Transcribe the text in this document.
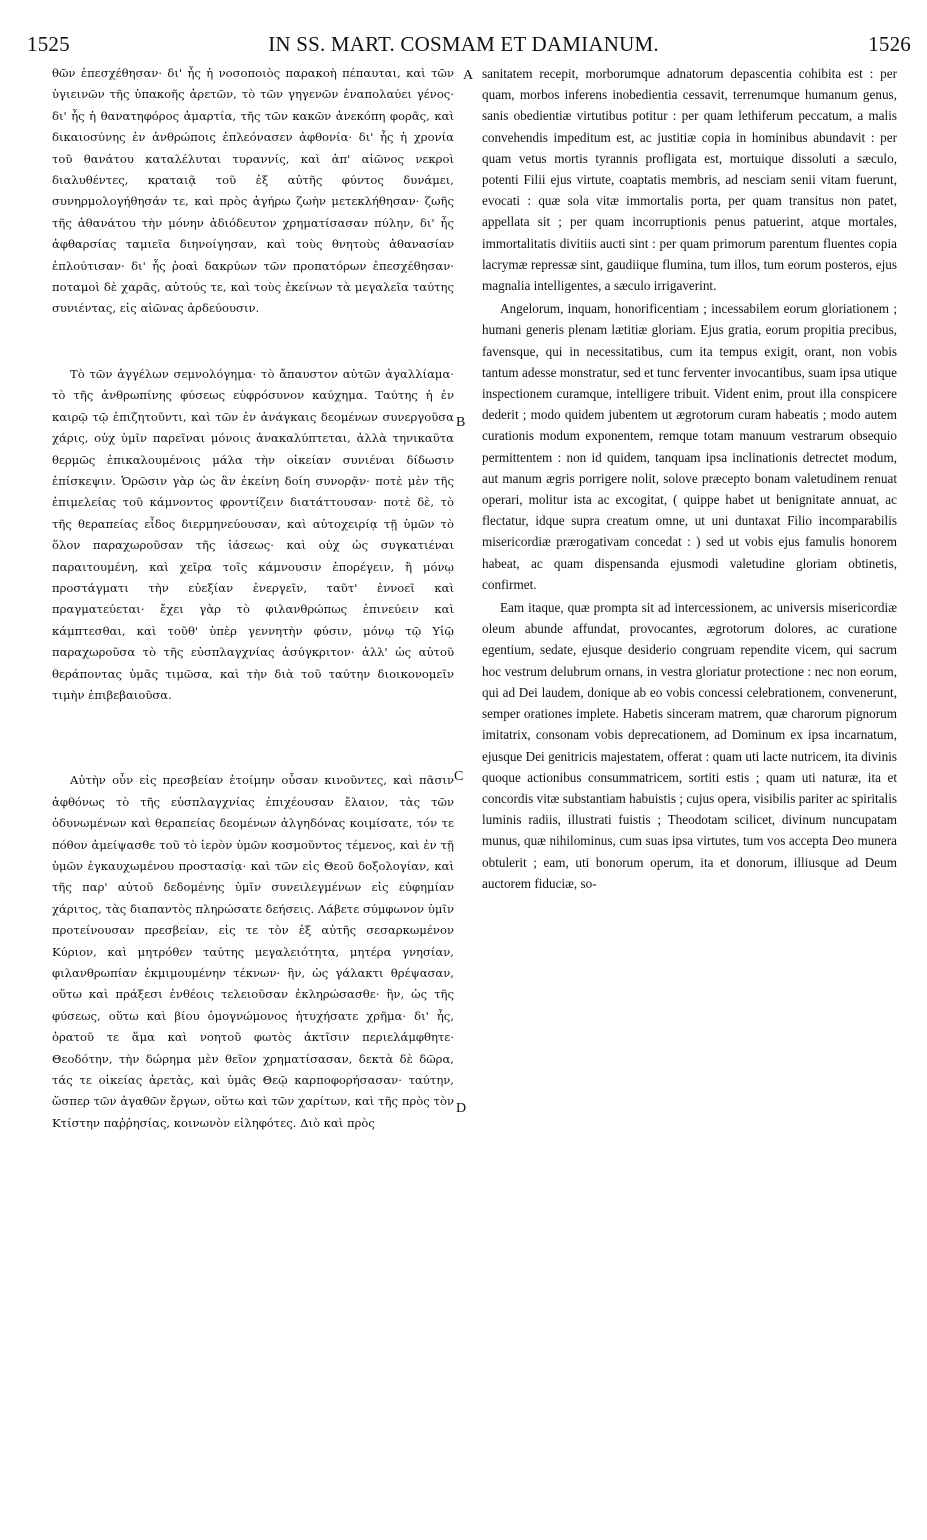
1525	IN SS. MART. COSMAM ET DAMIANUM.	1526

θῶν ἐπεσχέθησαν· δι' ἧς ἡ νοσοποιὸς παρακοὴ πέπαυται, καὶ τῶν ὑγιεινῶν τῆς ὑπακοῆς ἀρετῶν, τὸ τῶν γηγενῶν ἐναπολαύει γένος· δι' ἧς ἡ θανατηφόρος ἁμαρτία, τῆς τῶν κακῶν ἀνεκόπη φορᾶς, καὶ δικαιοσύνης ἐν ἀνθρώποις ἐπλεόνασεν ἀφθονία· δι' ἧς ἡ χρονία τοῦ θανάτου καταλέλυται τυραννίς, καὶ ἀπ' αἰῶνος νεκροὶ διαλυθέντες, κραταιᾷ τοῦ ἐξ αὐτῆς φύντος δυνάμει, συνηρμολογήθησάν τε, καὶ πρὸς ἀγήρω ζωὴν μετεκλήθησαν· ζωῆς τῆς ἀθανάτου τὴν μόνην ἀδιόδευτον χρηματίσασαν πύλην, δι' ἧς ἀφθαρσίας ταμιεῖα διηνοίγησαν, καὶ τοὺς θνητοὺς ἀθανασίαν ἐπλούτισαν· δι' ἧς ῥοαὶ δακρύων τῶν προπατόρων ἐπεσχέθησαν· ποταμοὶ δὲ χαρᾶς, αὐτούς τε, καὶ τοὺς ἐκείνων τὰ μεγαλεῖα ταύτης συνιέντας, εἰς αἰῶνας ἀρδεύουσιν.

Τὸ τῶν ἀγγέλων σεμνολόγημα· τὸ ἄπαυστον αὐτῶν ἀγαλλίαμα· τὸ τῆς ἀνθρωπίνης φύσεως εὐφρόσυνον καύχημα. Ταύτης ἡ ἐν καιρῷ τῷ ἐπιζητοῦντι, καὶ τῶν ἐν ἀνάγκαις δεομένων συνεργοῦσα χάρις, οὐχ ὑμῖν παρεῖναι μόνοις ἀνακαλύπτεται, ἀλλὰ τηνικαῦτα θερμῶς ἐπικαλουμένοις μάλα τὴν οἰκείαν συνιέναι δίδωσιν ἐπίσκεψιν. Ὁρῶσιν γὰρ ὡς ἂν ἐκείνη δοίη συνορᾷν· ποτὲ μὲν τῆς ἐπιμελείας τοῦ κάμνοντος φροντίζειν διατάττουσαν· ποτὲ δὲ, τὸ τῆς θεραπείας εἶδος διερμηνεύουσαν, καὶ αὐτοχειρίᾳ τῇ ὑμῶν τὸ ὅλον παραχωροῦσαν τῆς ἰάσεως· καὶ οὐχ ὡς συγκατιέναι παραιτουμένη, καὶ χεῖρα τοῖς κάμνουσιν ἐπορέγειν, ἢ μόνῳ προστάγματι τὴν εὐεξίαν ἐνεργεῖν, ταῦτ' ἐννοεῖ καὶ πραγματεύεται· ἔχει γὰρ τὸ φιλανθρώπως ἐπινεύειν καὶ κάμπτεσθαι, καὶ τοῦθ' ὑπὲρ γεννητὴν φύσιν, μόνῳ τῷ Υἱῷ παραχωροῦσα τὸ τῆς εὐσπλαγχνίας ἀσύγκριτον· ἀλλ' ὡς αὐτοῦ θεράποντας ὑμᾶς τιμῶσα, καὶ τὴν διὰ τοῦ ταύτην διοικονομεῖν τιμὴν ἐπιβεβαιοῦσα.

Αὐτὴν οὖν εἰς πρεσβείαν ἑτοίμην οὖσαν κινοῦντες, καὶ πᾶσιν ἀφθόνως τὸ τῆς εὐσπλαγχνίας ἐπιχέουσαν ἔλαιον, τὰς τῶν ὀδυνωμένων καὶ θεραπείας δεομένων ἀλγηδόνας κοιμίσατε, τόν τε πόθον ἀμείψασθε τοῦ τὸ ἱερὸν ὑμῶν κοσμοῦντος τέμενος, καὶ ἐν τῇ ὑμῶν ἐγκαυχωμένου προστασίᾳ· καὶ τῶν εἰς Θεοῦ δοξολογίαν, καὶ τῆς παρ' αὐτοῦ δεδομένης ὑμῖν συνειλεγμένων εἰς εὐφημίαν χάριτος, τὰς διαπαντὸς πληρώσατε δεήσεις. Λάβετε σύμφωνον ὑμῖν προτείνουσαν πρεσβείαν, εἰς τε τὸν ἐξ αὐτῆς σεσαρκωμένον Κύριον, καὶ μητρόθεν ταύτης μεγαλειότητα, μητέρα γνησίαν, φιλανθρωπίαν ἐκμιμουμένην τέκνων· ἣν, ὡς γάλακτι θρέψασαν, οὕτω καὶ πράξεσι ἐνθέοις τελειοῦσαν ἐκληρώσασθε· ἣν, ὡς τῆς φύσεως, οὕτω καὶ βίου ὁμογνώμονος ἠτυχήσατε χρῆμα· δι' ἧς, ὁρατοῦ τε ἅμα καὶ νοητοῦ φωτὸς ἀκτῖσιν περιελάμφθητε· Θεοδότην, τὴν δώρημα μὲν θεῖον χρηματίσασαν, δεκτὰ δὲ δῶρα, τάς τε οἰκείας ἀρετὰς, καὶ ὑμᾶς Θεῷ καρποφορήσασαν· ταύτην, ὥσπερ τῶν ἀγαθῶν ἔργων, οὕτω καὶ τῶν χαρίτων, καὶ τῆς πρὸς τὸν Κτίστην παῤῥησίας, κοινωνὸν εἰληφότες. Διὸ καὶ πρὸς

A
B
C
D

sanitatem recepit, morborumque adnatorum depascentia cohibita est : per quam, morbos inferens inobedientia cessavit, terrenumque humanum genus, sanis obedientiæ virtutibus potitur : per quam lethiferum peccatum, a malis convehendis impeditum est, ac justitiæ copia in hominibus abundavit : per quam vetus mortis tyrannis profligata est, mortuique dissoluti a sæculo, potenti Filii ejus virtute, coaptatis membris, ad nesciam senii vitam fuerunt, evocati : quæ sola vitæ immortalis porta, per quam transitus non patet, appellata sit ; per quam incorruptionis penus patuerint, atque mortales, immortalitatis divitiis aucti sint : per quam primorum parentum fluentes copia lacrymæ repressæ sint, gaudiique flumina, tum illos, tum eorum posteros, ejus magnalia intelligentes, a sæculo irrigaverint.

Angelorum, inquam, honorificentiam ; incessabilem eorum gloriationem ; humani generis plenam lætitiæ gloriam. Ejus gratia, eorum propitia precibus, favensque, qui in necessitatibus, cum ita tempus exigit, orant, non vobis tantum adesse monstratur, sed et tunc ferventer invocantibus, suam ipsa utique inspectionem curamque, intelligere tribuit. Vident enim, prout illa conspicere dederit ; modo quidem jubentem ut ægrotorum curam habeatis ; modo autem curationis modum exponentem, remque totam manuum vestrarum obsequio permittentem : non id quidem, tanquam ipsa inclinationis detrectet modum, aut manum ægris porrigere nolit, solove præcepto bonam valetudinem renuat operari, molitur ista ac excogitat, ( quippe habet ut benignitate annuat, ac flectatur, idque supra creatum omne, ut uni duntaxat Filio incomparabilis misericordiæ prærogativam concedat : ) sed ut vobis ejus famulis honorem habeat, ac quam dispensanda ejusmodi valetudine gloriam obtinetis, confirmet.

Eam itaque, quæ prompta sit ad intercessionem, ac universis misericordiæ oleum abunde affundat, provocantes, ægrotorum dolores, ac curatione egentium, sedate, ejusque desiderio congruam rependite vicem, qui sacrum hoc vestrum delubrum ornans, in vestra gloriatur protectione : nec non eorum, qui ad Dei laudem, donique ab eo vobis concessi celebrationem, convenerunt, semper orationes implete. Habetis sinceram matrem, quæ charorum pignorum imitatrix, consonam vobis deprecationem, ad Dominum ex ipsa incarnatum, ejusque Dei genitricis majestatem, offerat : quam uti lacte nutricem, ita divinis quoque actionibus consummatricem, sortiti estis ; quam uti naturæ, ita et concordis vitæ substantiam habuistis ; cujus opera, visibilis pariter ac spiritalis luminis radiis, illustrati fuistis ; Theodotam scilicet, divinum nuncupatam munus, quæ nihilominus, cum suas ipsa virtutes, tum vos accepta Deo munera obtulerit ; eam, uti bonorum operum, ita et donorum, illiusque ad Deum auctorem fiduciæ, so-
